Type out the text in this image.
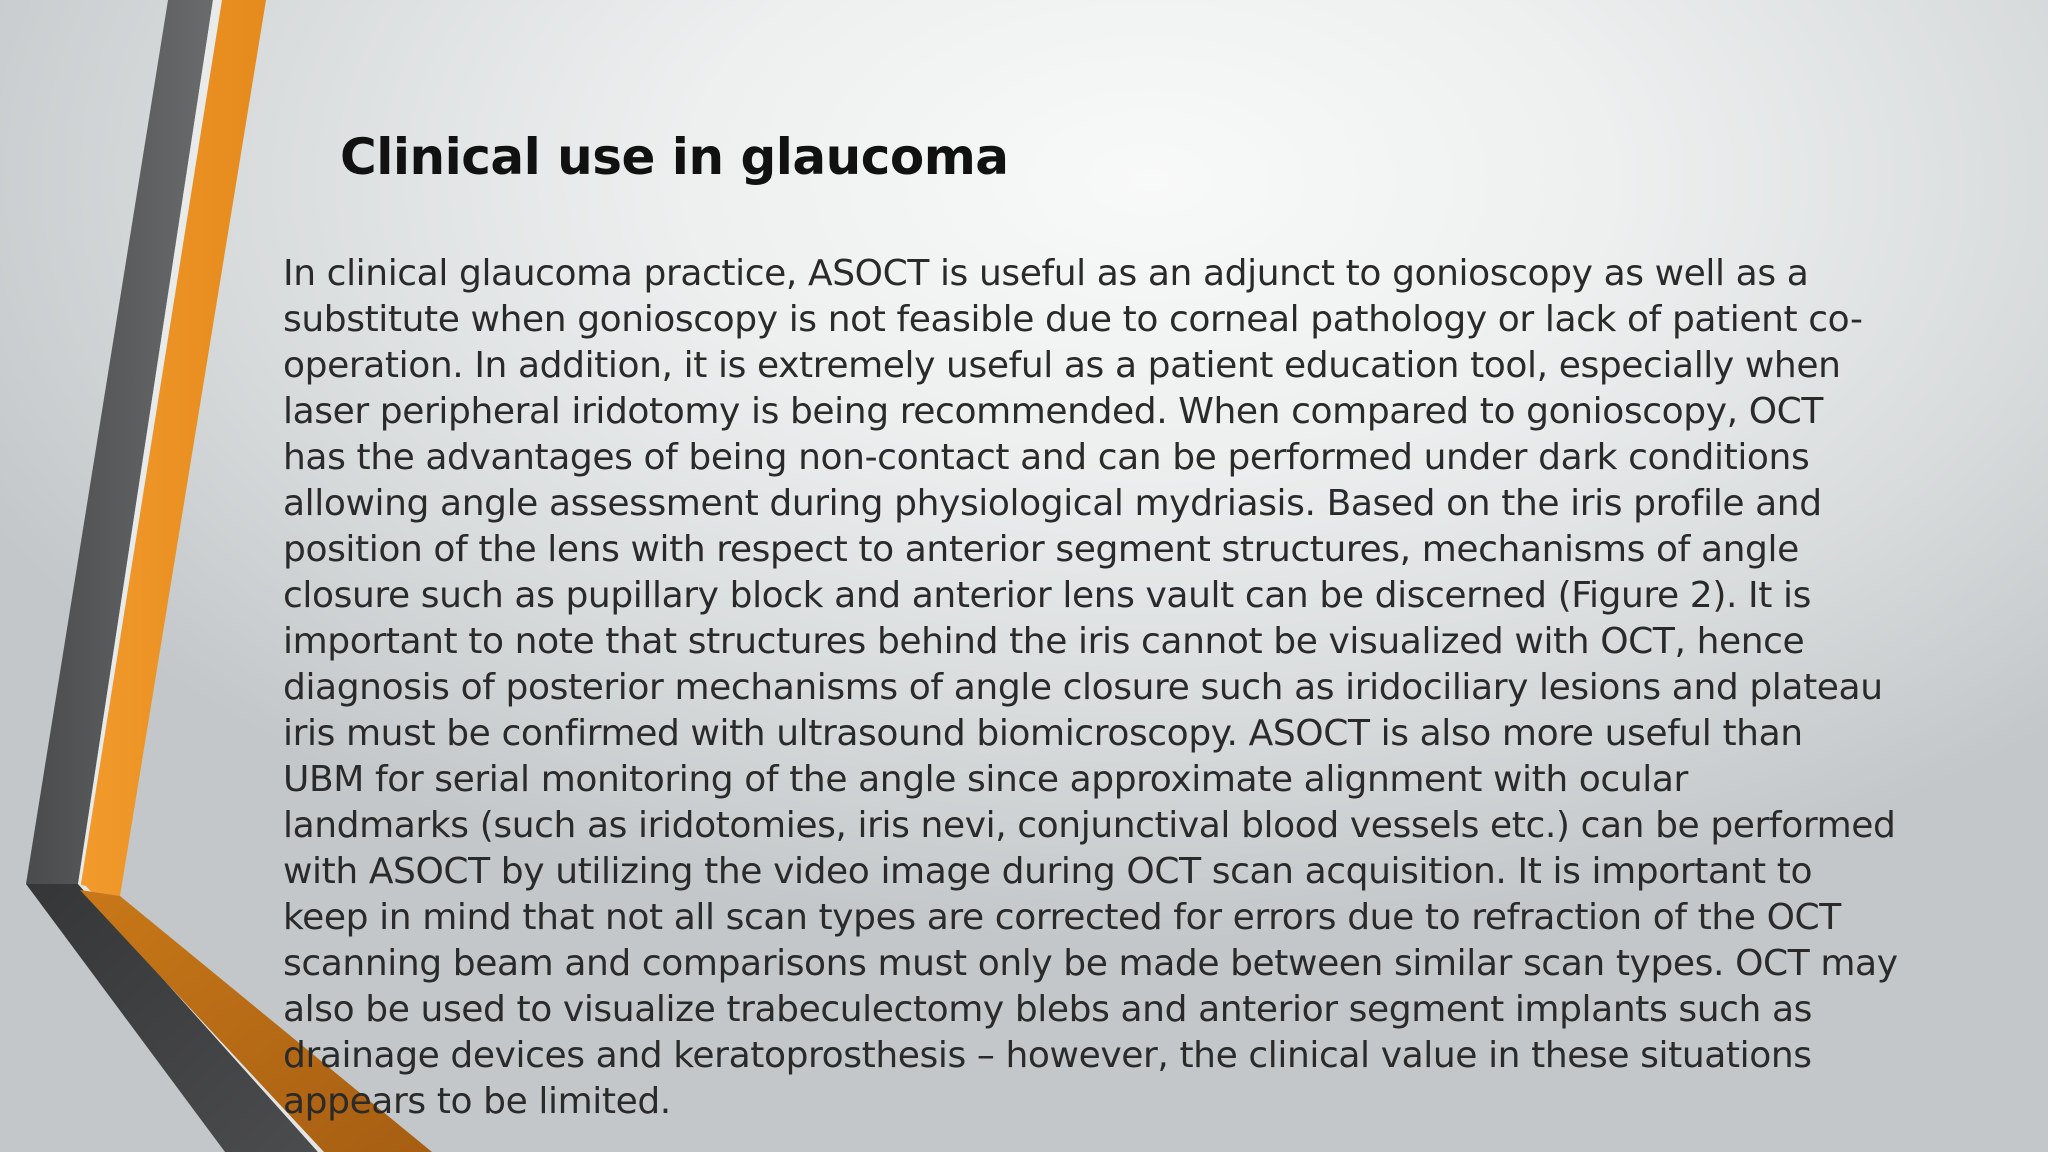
Clinical use in glaucoma
In clinical glaucoma practice, ASOCT is useful as an adjunct to gonioscopy as well as a
substitute when gonioscopy is not feasible due to corneal pathology or lack of patient co-
operation. In addition, it is extremely useful as a patient education tool, especially when
laser peripheral iridotomy is being recommended. When compared to gonioscopy, OCT
has the advantages of being non-contact and can be performed under dark conditions
allowing angle assessment during physiological mydriasis. Based on the iris profile and
position of the lens with respect to anterior segment structures, mechanisms of angle
closure such as pupillary block and anterior lens vault can be discerned (Figure 2). It is
important to note that structures behind the iris cannot be visualized with OCT, hence
diagnosis of posterior mechanisms of angle closure such as iridociliary lesions and plateau
iris must be confirmed with ultrasound biomicroscopy. ASOCT is also more useful than
UBM for serial monitoring of the angle since approximate alignment with ocular
landmarks (such as iridotomies, iris nevi, conjunctival blood vessels etc.) can be performed
with ASOCT by utilizing the video image during OCT scan acquisition. It is important to
keep in mind that not all scan types are corrected for errors due to refraction of the OCT
scanning beam and comparisons must only be made between similar scan types. OCT may
also be used to visualize trabeculectomy blebs and anterior segment implants such as
drainage devices and keratoprosthesis – however, the clinical value in these situations
appears to be limited.
